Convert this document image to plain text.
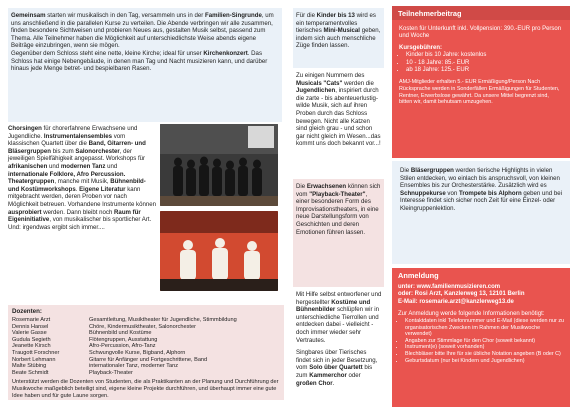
Gemeinsam starten wir musikalisch in den Tag, versammeln uns in der Familien-Singrunde, um uns anschließend in die parallelen Kurse zu verteilen. Die Abende verbringen wir alle zusammen, finden besondere Sichtweisen und probieren Neues aus, gestalten Musik selbst, passend zum Thema. Alle Teilnehmer haben die Möglichkeit auf unterschiedlichste Weise abends eigene Beiträge einzubringen, wenn sie mögen.

Gegenüber dem Schloss steht eine nette, kleine Kirche; ideal für unser Kirchenkonzert. Das Schloss hat einige Nebengebäude, in denen man Tag und Nacht musizieren kann, und darüber hinaus jede Menge betret- und bespielbaren Rasen.

Chorsingen für chorerfahrene Erwachsene und Jugendliche. Instrumentalensembles vom klassischen Quartett über die Band, Gitarren- und Bläsergruppen bis zum Salonorchester, der jeweiligen Spielfähigkeit angepasst. Workshops für afrikanischen und modernen Tanz und internationale Folklore, Afro Percussion. Theatergruppen, manche mit Musik, Bühnenbild- und Kostümworkshops. Eigene Literatur kann mitgebracht werden, deren Proben vor nach Möglichkeit betreuen. Vorhandene Instrumente können ausprobiert werden. Dann bleibt noch Raum für Eigeninitiative, von musikalischer bis sportlicher Art.
Und: irgendwas ergibt sich immer....

Dozenten:
Rosemarie Arzt
Dennis Hansel
Valerie Gasse
Gudula Segieth
Jeanette Kirsch
Traugott Forschner
Norbert Lehmann
Malte Stübing
Beate Schmidt
Gesamtleitung, Musiktheater für Jugendliche, Stimmbildung
Chöre, Kindermusiktheater, Salonorchester
Bühnenbild und Kostüme
Flötengruppen, Ausstattung
Afro-Percussion, Afro-Tanz
Schwungvolle Kurse, Bigband, Alphorn
Gitarre für Anfänger und Fortgeschrittene, Band
internationaler Tanz, moderner Tanz
Playback-Theater
Unterstützt werden die Dozenten von Studenten, die als Praktikanten an der Planung und Durchführung der Musikwoche maßgeblich beteiligt sind, eigene kleine Projekte durchführen, und überhaupt immer eine gute Idee haben und für gute Laune sorgen.

Für die Kinder bis 13 wird es ein temperamentvolles tierisches Mini-Musical geben, indem sich auch menschliche Züge finden lassen.

Zu einigen Nummern des Musicals "Cats" werden die Jugendlichen, inspiriert durch die zarte - bis abenteuerlustig-wilde Musik, sich auf ihren Proben durch das Schloss bewegen. Nicht alle Katzen sind gleich grau - und schon gar nicht gleich im Wesen...das kommt uns doch bekannt vor...!

Die Erwachsenen können sich vom "Playback-Theater", einer besonderen Form des Improvisationstheaters, in eine neue Darstellungsform von Geschichten und deren Emotionen führen lassen.

Mit Hilfe selbst entworfener und hergestellter Kostüme und Bühnenbilder schlüpfen wir in unterschiedliche Tierrollen und entdecken dabei - vielleicht - doch immer wieder sehr Vertrautes.

Singbares über Tierisches findet sich in jeder Besetzung, vom Solo über Quartett bis zum Kammerchor oder großen Chor.

Teilnehmerbeitrag

Kosten für Unterkunft inkl. Vollpension: 390.-EUR pro Person und Woche

Kursgebühren:

• Kinder bis 10 Jahre: kostenlos
• 10 - 18 Jahre: 85.- EUR
• ab 18 Jahre: 125.- EUR

AMJ-Mitglieder erhalten 5.- EUR Ermäßigung/Person Nach Rücksprache werden in Sonderfällen Ermäßigungen für Studenten, Rentner, Erwerbslose gewährt. Da unsere Mittel begrenzt sind, bitten wir, damit behutsam umzugehen.

Die Bläsergruppen werden tierische Highlights in vielen Stilen entdecken, wo einlach bis anspruchsvoll, von kleinen Ensembles bis zur Orchesterstärke. Zusätzlich wird es Schnuppekurse von Trompete bis Alphorn geben und bei Interesse findet sich sicher noch Zeit für eine Einzel- oder Kleingruppenlektion.
Anmeldung
unter: www.familienmusizieren.com
oder: Rosi Arzt, Kanzlerweg 13, 12101 Berlin
E-Mail: rosemarie.arzt@kanzlerweg13.de
Zur Anmeldung werde folgende Informationen benötigt:
• Kontaktdaten inkl Telefonnummer und E-Mail (diese werden nur zu organisatorischen Zwecken im Rahmen der Musikwoche verwendet)
• Angaben zur Stimmlage für den Chor (soweit bekannt)
• Instrument(e) (soweit vorhanden)
• Blechbläser bitte Ihre für sie übliche Notation angeben (B oder C)
• Geburtsdatum (nur bei Kindern und Jugendlichen)
